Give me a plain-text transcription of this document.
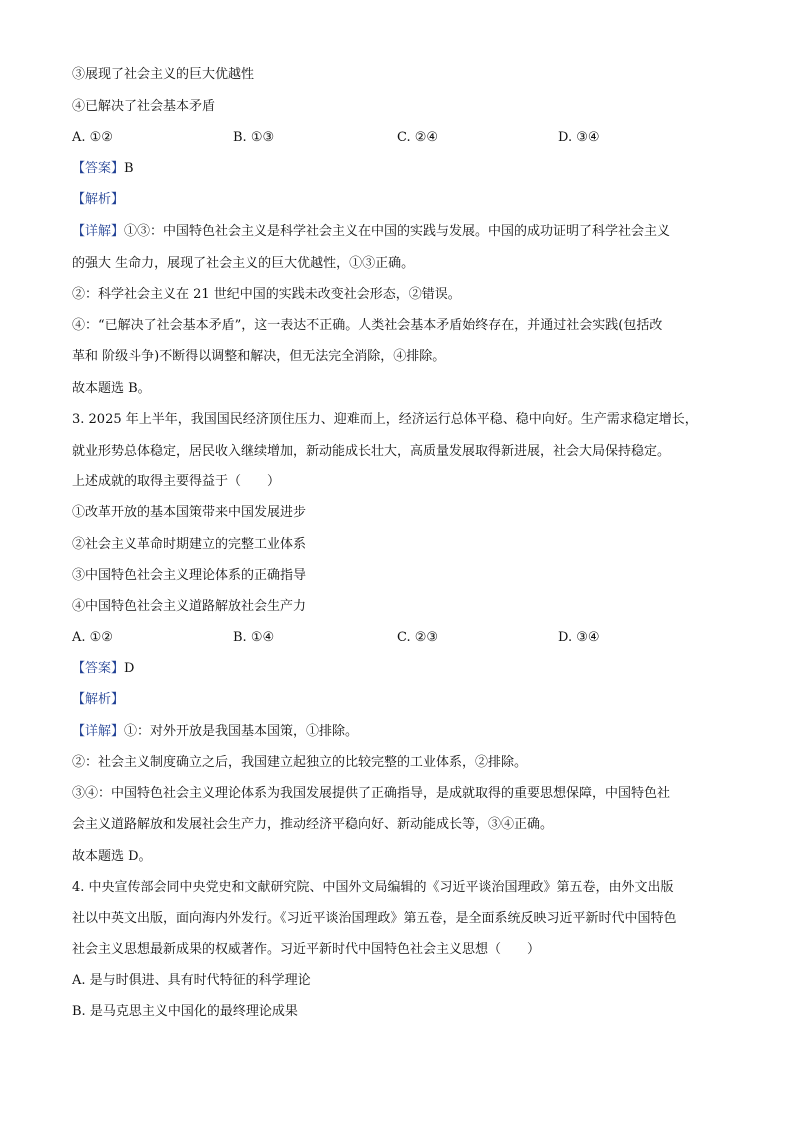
③展现了社会主义的巨大优越性
④已解决了社会基本矛盾
A. ①②	B. ①③	C. ②④	D. ③④
【答案】B
【解析】
【详解】①③：中国特色社会主义是科学社会主义在中国的实践与发展。中国的成功证明了科学社会主义
的强大 生命力，展现了社会主义的巨大优越性，①③正确。
②：科学社会主义在 21 世纪中国的实践未改变社会形态，②错误。
④：“已解决了社会基本矛盾”，这一表达不正确。人类社会基本矛盾始终存在，并通过社会实践(包括改
革和 阶级斗争)不断得以调整和解决，但无法完全消除，④排除。
故本题选 B。
3. 2025 年上半年，我国国民经济顶住压力、迎难而上，经济运行总体平稳、稳中向好。生产需求稳定增长，
就业形势总体稳定，居民收入继续增加，新动能成长壮大，高质量发展取得新进展，社会大局保持稳定。
上述成就的取得主要得益于（　　）
①改革开放的基本国策带来中国发展进步
②社会主义革命时期建立的完整工业体系
③中国特色社会主义理论体系的正确指导
④中国特色社会主义道路解放社会生产力
A. ①②	B. ①④	C. ②③	D. ③④
【答案】D
【解析】
【详解】①：对外开放是我国基本国策，①排除。
②：社会主义制度确立之后，我国建立起独立的比较完整的工业体系，②排除。
③④：中国特色社会主义理论体系为我国发展提供了正确指导，是成就取得的重要思想保障，中国特色社
会主义道路解放和发展社会生产力，推动经济平稳向好、新动能成长等，③④正确。
故本题选 D。
4. 中央宣传部会同中央党史和文献研究院、中国外文局编辑的《习近平谈治国理政》第五卷，由外文出版
社以中英文出版，面向海内外发行。《习近平谈治国理政》第五卷，是全面系统反映习近平新时代中国特色
社会主义思想最新成果的权威著作。习近平新时代中国特色社会主义思想（　　）
A. 是与时俱进、具有时代特征的科学理论
B. 是马克思主义中国化的最终理论成果
